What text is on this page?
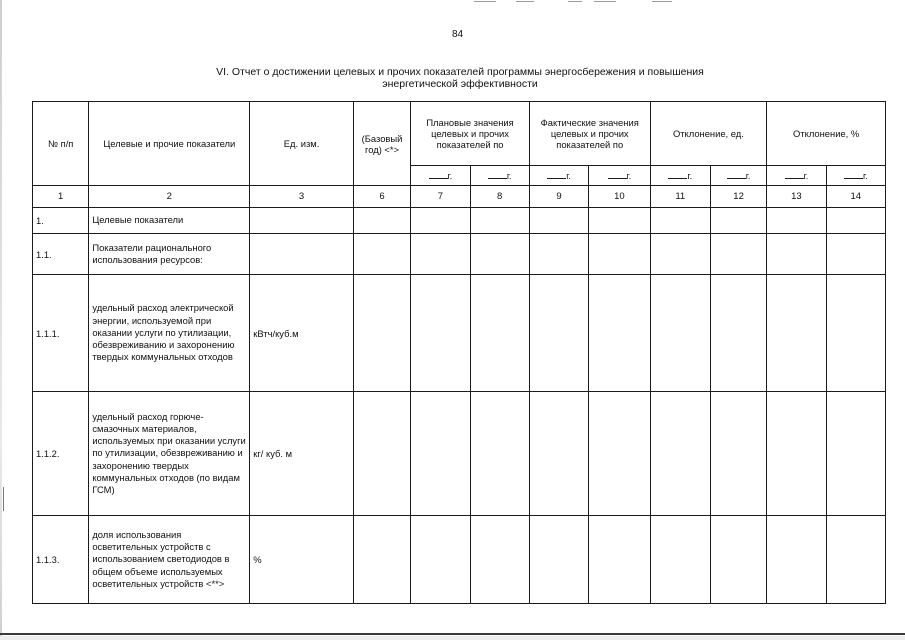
84
VI. Отчет о достижении целевых и прочих показателей программы энергосбережения и повышения энергетической эффективности
№ п/п	Целевые и прочие показатели	Ед. изм.	(Базовый год) <*>	Плановые значения целевых и прочих показателей по		Фактические значения целевых и прочих показателей по		Отклонение, ед.		Отклонение, %	
				г.	г.	г.	г.	г.	г.	г.	г.
1	2	3	6	7	8	9	10	11	12	13	14
1.	Целевые показатели										
1.1.	Показатели рационального использования ресурсов:										
1.1.1.	удельный расход электрической энергии, используемой при оказании услуги по утилизации, обезвреживанию и захоронению твердых коммунальных отходов	кВтч/куб.м									
1.1.2.	удельный расход горюче-смазочных материалов, используемых при оказании услуги по утилизации, обезвреживанию и захоронению твердых коммунальных отходов (по видам ГСМ)	кг/ куб. м									
1.1.3.	доля использования осветительных устройств с использованием светодиодов в общем объеме используемых осветительных устройств <**>	%									
